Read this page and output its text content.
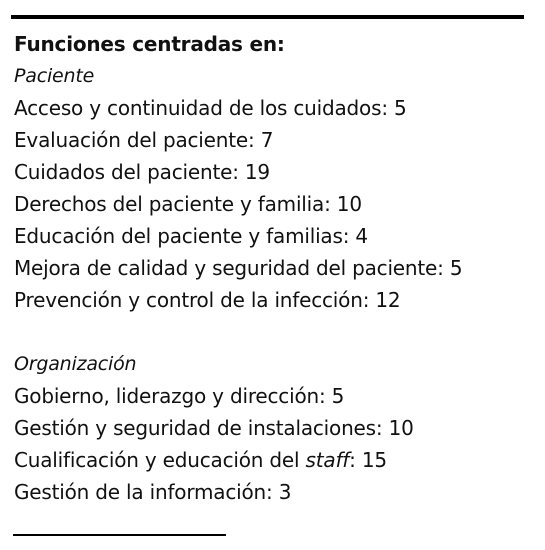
Funciones centradas en:
Paciente
Acceso y continuidad de los cuidados: 5
Evaluación del paciente: 7
Cuidados del paciente: 19
Derechos del paciente y familia: 10
Educación del paciente y familias: 4
Mejora de calidad y seguridad del paciente: 5
Prevención y control de la infección: 12
Organización
Gobierno, liderazgo y dirección: 5
Gestión y seguridad de instalaciones: 10
Cualificación y educación del staff: 15
Gestión de la información: 3
